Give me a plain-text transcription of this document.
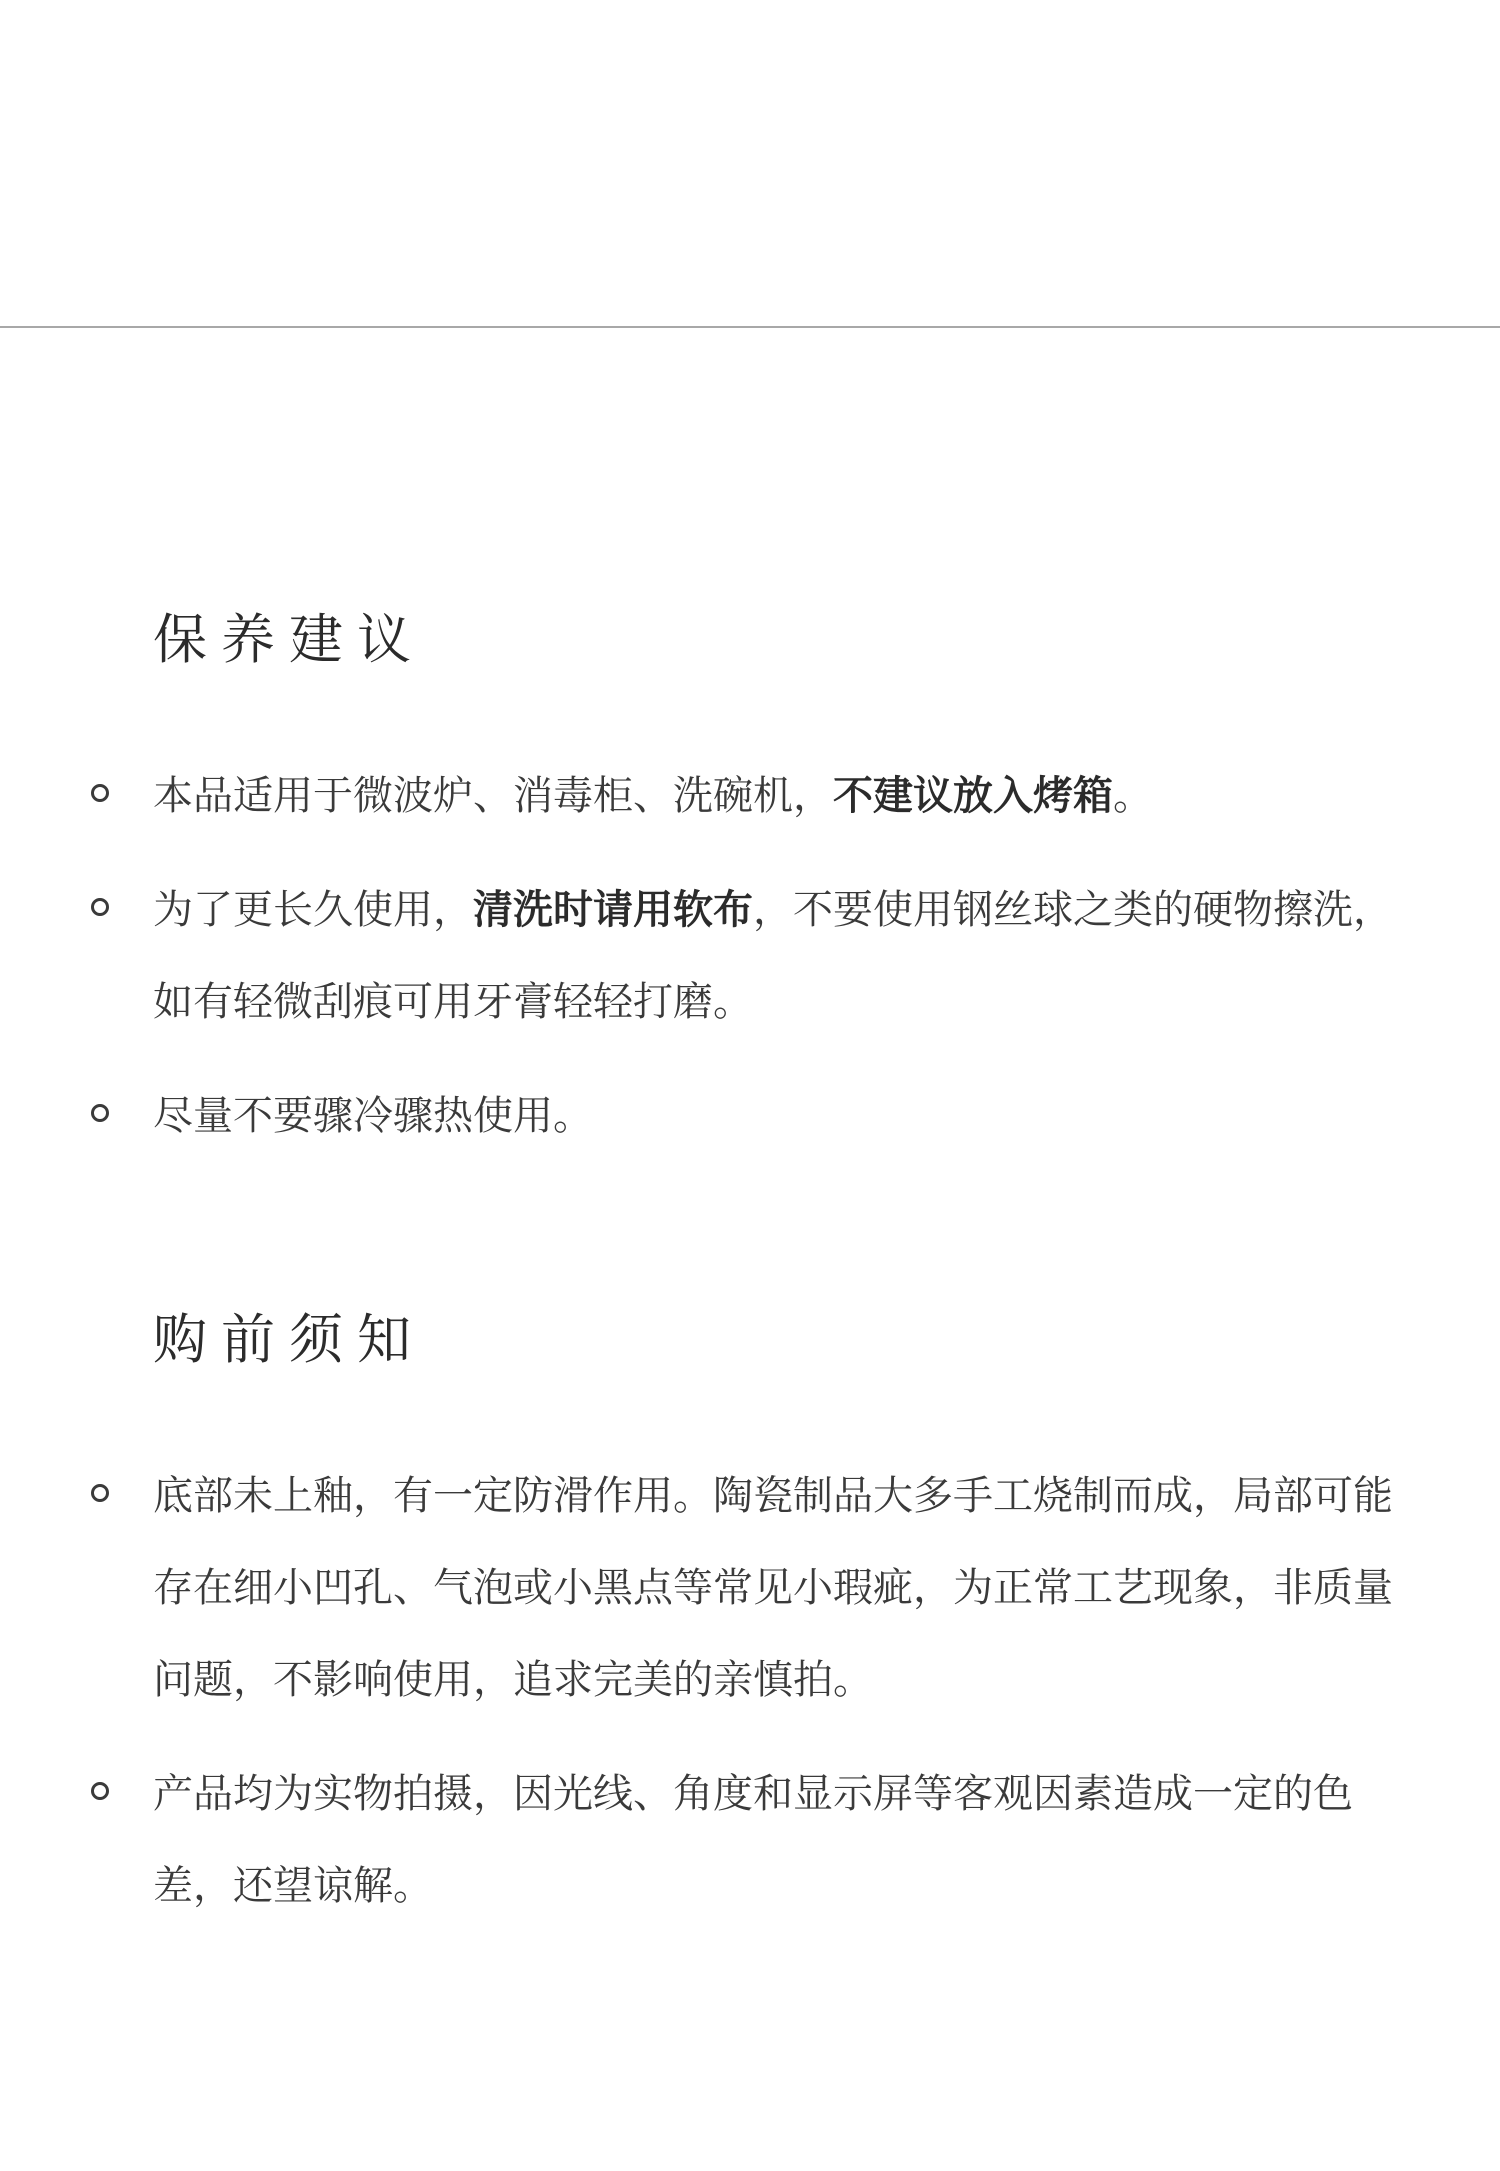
保养建议
本品适用于微波炉、消毒柜、洗碗机，不建议放入烤箱。
为了更长久使用，清洗时请用软布，不要使用钢丝球之类的硬物擦洗，如有轻微刮痕可用牙膏轻轻打磨。
尽量不要骤冷骤热使用。
购前须知
底部未上釉，有一定防滑作用。陶瓷制品大多手工烧制而成，局部可能存在细小凹孔、气泡或小黑点等常见小瑕疵，为正常工艺现象，非质量问题，不影响使用，追求完美的亲慎拍。
产品均为实物拍摄，因光线、角度和显示屏等客观因素造成一定的色差，还望谅解。
